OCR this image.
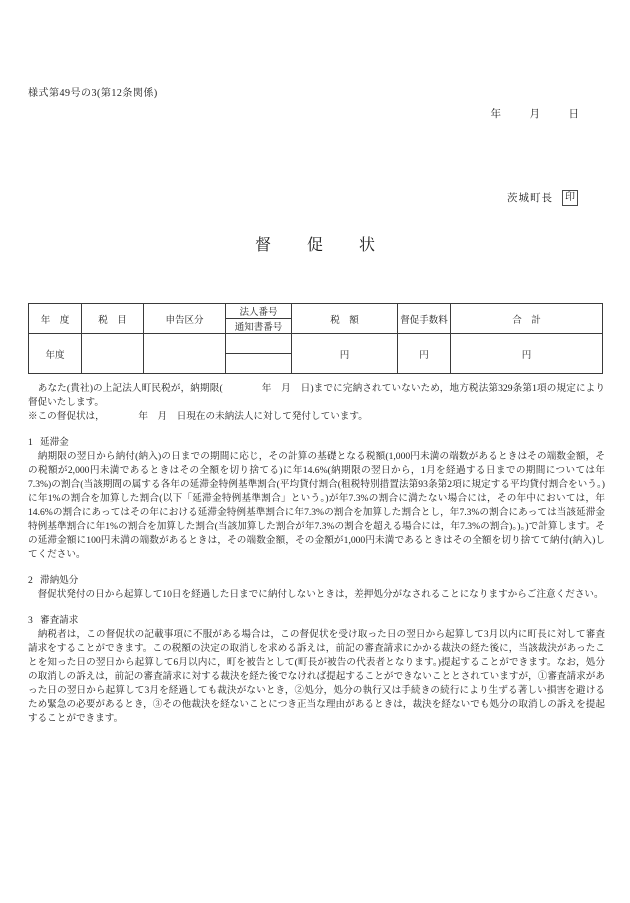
様式第49号の3(第12条関係)
年　月　日
茨城町長 印
督　促　状
年　度	税　目	申告区分	法人番号	税　額	督促手数料	合　計
			通知書番号			
年度				円	円	円

　あなた(貴社)の上記法人町民税が，納期限(　　　　年　月　日)までに完納されていないため，地方税法第329条第1項の規定により督促いたします。

※この督促状は，　　　　年　月　日現在の未納法人に対して発付しています。

1 延滞金

　納期限の翌日から納付(納入)の日までの期間に応じ，その計算の基礎となる税額(1,000円未満の端数があるときはその端数金額，その税額が2,000円未満であるときはその全額を切り捨てる)に年14.6%(納期限の翌日から，1月を経過する日までの期間については年7.3%)の割合(当該期間の属する各年の延滞金特例基準割合(平均貸付割合(租税特別措置法第93条第2項に規定する平均貸付割合をいう。)に年1%の割合を加算した割合(以下「延滞金特例基準割合」という。)が年7.3%の割合に満たない場合には，その年中においては，年14.6%の割合にあってはその年における延滞金特例基準割合に年7.3%の割合を加算した割合とし，年7.3%の割合にあっては当該延滞金特例基準割合に年1%の割合を加算した割合(当該加算した割合が年7.3%の割合を超える場合には，年7.3%の割合)。)。)で計算します。その延滞金額に100円未満の端数があるときは，その端数金額，その金額が1,000円未満であるときはその全額を切り捨てて納付(納入)してください。

2 滞納処分

　督促状発付の日から起算して10日を経過した日までに納付しないときは，差押処分がなされることになりますからご注意ください。

3 審査請求

　納税者は，この督促状の記載事項に不服がある場合は，この督促状を受け取った日の翌日から起算して3月以内に町長に対して審査請求をすることができます。この税額の決定の取消しを求める訴えは，前記の審査請求にかかる裁決の経た後に，当該裁決があったことを知った日の翌日から起算して6月以内に，町を被告として(町長が被告の代表者となります。)提起することができます。なお，処分の取消しの訴えは，前記の審査請求に対する裁決を経た後でなければ提起することができないこととされていますが，①審査請求があった日の翌日から起算して3月を経過しても裁決がないとき，②処分，処分の執行又は手続きの続行により生ずる著しい損害を避けるため緊急の必要があるとき，③その他裁決を経ないことにつき正当な理由があるときは，裁決を経ないでも処分の取消しの訴えを提起することができます。
